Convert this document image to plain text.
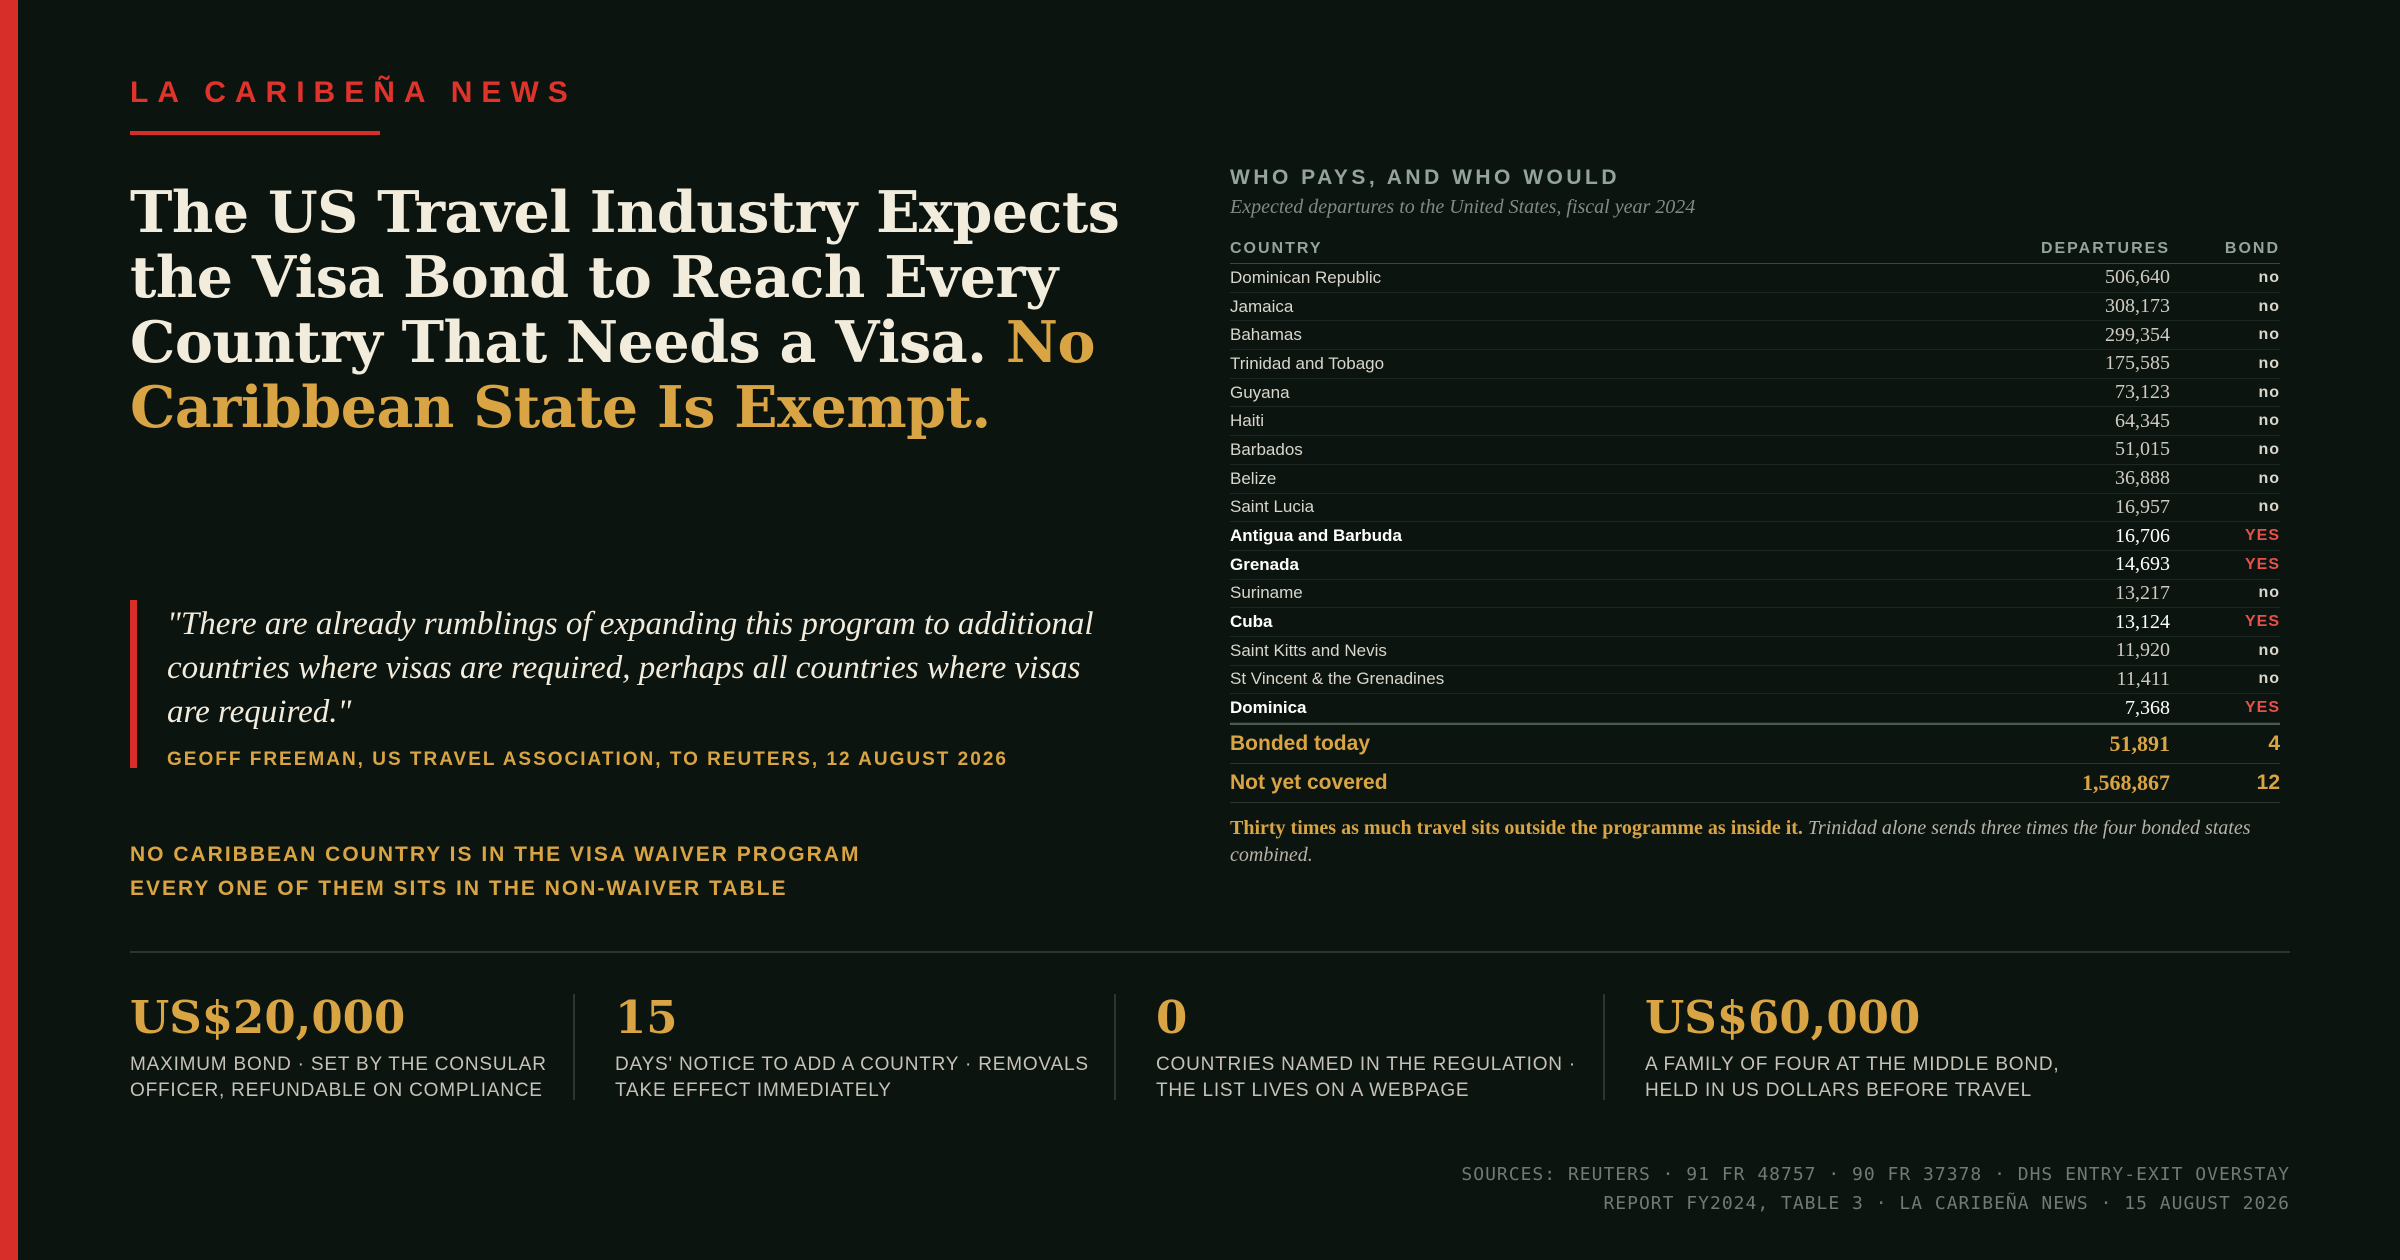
LA CARIBEÑA NEWS
The US Travel Industry Expects the Visa Bond to Reach Every Country That Needs a Visa. No Caribbean State Is Exempt.

"There are already rumblings of expanding this program to additional countries where visas are required, perhaps all countries where visas are required."

GEOFF FREEMAN, US TRAVEL ASSOCIATION, TO REUTERS, 12 AUGUST 2026
NO CARIBBEAN COUNTRY IS IN THE VISA WAIVER PROGRAM
EVERY ONE OF THEM SITS IN THE NON-WAIVER TABLE
WHO PAYS, AND WHO WOULD
Expected departures to the United States, fiscal year 2024
COUNTRY	DEPARTURES	BOND
Dominican Republic	506,640	no
Jamaica	308,173	no
Bahamas	299,354	no
Trinidad and Tobago	175,585	no
Guyana	73,123	no
Haiti	64,345	no
Barbados	51,015	no
Belize	36,888	no
Saint Lucia	16,957	no
Antigua and Barbuda	16,706	YES
Grenada	14,693	YES
Suriname	13,217	no
Cuba	13,124	YES
Saint Kitts and Nevis	11,920	no
St Vincent & the Grenadines	11,411	no
Dominica	7,368	YES
Bonded today	51,891	4
Not yet covered	1,568,867	12
Thirty times as much travel sits outside the programme as inside it. Trinidad alone sends three times the four bonded states combined.
US$20,000
MAXIMUM BOND · SET BY THE CONSULAR
OFFICER, REFUNDABLE ON COMPLIANCE
15
DAYS' NOTICE TO ADD A COUNTRY · REMOVALS
TAKE EFFECT IMMEDIATELY
0
COUNTRIES NAMED IN THE REGULATION ·
THE LIST LIVES ON A WEBPAGE
US$60,000
A FAMILY OF FOUR AT THE MIDDLE BOND,
HELD IN US DOLLARS BEFORE TRAVEL
SOURCES: REUTERS · 91 FR 48757 · 90 FR 37378 · DHS ENTRY-EXIT OVERSTAY
REPORT FY2024, TABLE 3 · LA CARIBEÑA NEWS · 15 AUGUST 2026
